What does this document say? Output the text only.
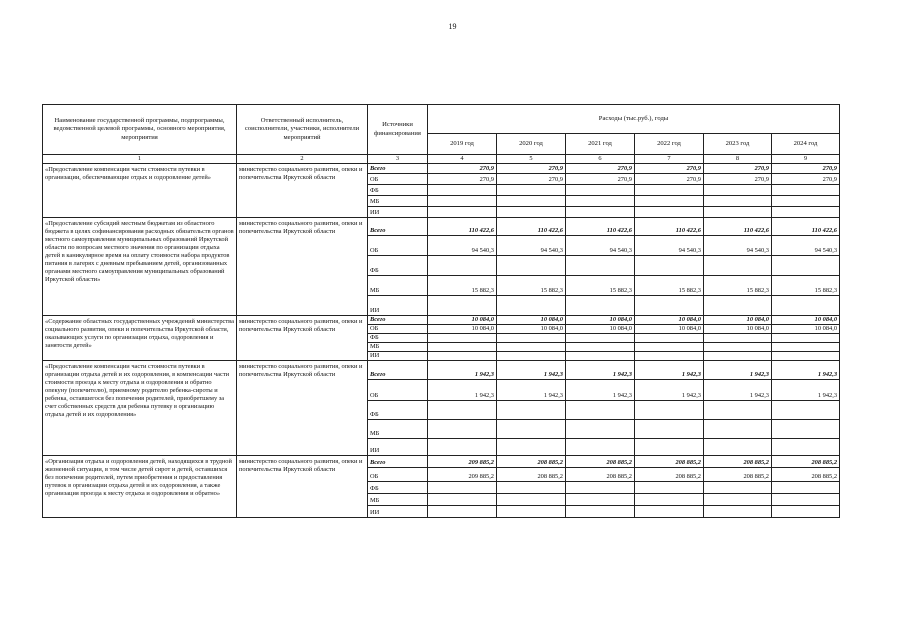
19
Наименование государственной программы, подпрограммы, ведомственной целевой программы, основного мероприятия, мероприятия	Ответственный исполнитель, соисполнители, участники, исполнители мероприятий	Источники финансирования	Расходы (тыс.руб.), годы					
			2019 год	2020 год	2021 год	2022 год	2023 год	2024 год
1	2	3	4	5	6	7	8	9
«Предоставление компенсации части стоимости путевки в организации, обеспечивающие отдых и оздоровление детей»	министерство социального развития, опеки и попечительства Иркутской области	Всего	270,9	270,9	270,9	270,9	270,9	270,9
		ОБ	270,9	270,9	270,9	270,9	270,9	270,9
		ФБ						
		МБ						
		ИИ						
«Предоставление субсидий местным бюджетам из областного бюджета в целях софинансирования расходных обязательств органов местного самоуправления муниципальных образований Иркутской области по вопросам местного значения по организации отдыха детей в каникулярное время на оплату стоимости набора продуктов питания в лагерях с дневным пребыванием детей, организованных органами местного самоуправления муниципальных образований Иркутской области»	министерство социального развития, опеки и попечительства Иркутской области	Всего	110 422,6	110 422,6	110 422,6	110 422,6	110 422,6	110 422,6
		ОБ	94 540,3	94 540,3	94 540,3	94 540,3	94 540,3	94 540,3
		ФБ						
		МБ	15 882,3	15 882,3	15 882,3	15 882,3	15 882,3	15 882,3
		ИИ						
«Содержание областных государственных учреждений министерства социального развития, опеки и попечительства Иркутской области, оказывающих услуги по организации отдыха, оздоровления и занятости детей»	министерство социального развития, опеки и попечительства Иркутской области	Всего	10 084,0	10 084,0	10 084,0	10 084,0	10 084,0	10 084,0
		ОБ	10 084,0	10 084,0	10 084,0	10 084,0	10 084,0	10 084,0
		ФБ						
		МБ						
		ИИ						
«Предоставление компенсации части стоимости путевки в организации отдыха детей и их оздоровления, в компенсации части стоимости проезда к месту отдыха и оздоровления и обратно опекуну (попечителю), приемному родителю ребенка-сироты и ребенка, оставшегося без попечения родителей, приобретшему за счет собственных средств для ребенка путевку в организацию отдыха детей и их оздоровления»	министерство социального развития, опеки и попечительства Иркутской области	Всего	1 942,3	1 942,3	1 942,3	1 942,3	1 942,3	1 942,3
		ОБ	1 942,3	1 942,3	1 942,3	1 942,3	1 942,3	1 942,3
		ФБ						
		МБ						
		ИИ						
«Организация отдыха и оздоровления детей, находящихся в трудной жизненной ситуации, в том числе детей сирот и детей, оставшихся без попечения родителей, путем приобретения и предоставления путевок в организации отдыха детей и их оздоровления, а также организация проезда к месту отдыха и оздоровления и обратно»	министерство социального развития, опеки и попечительства Иркутской области	Всего	209 885,2	208 885,2	208 885,2	208 885,2	208 885,2	208 885,2
		ОБ	209 885,2	208 885,2	208 885,2	208 885,2	208 885,2	208 885,2
		ФБ						
		МБ						
		ИИ						
